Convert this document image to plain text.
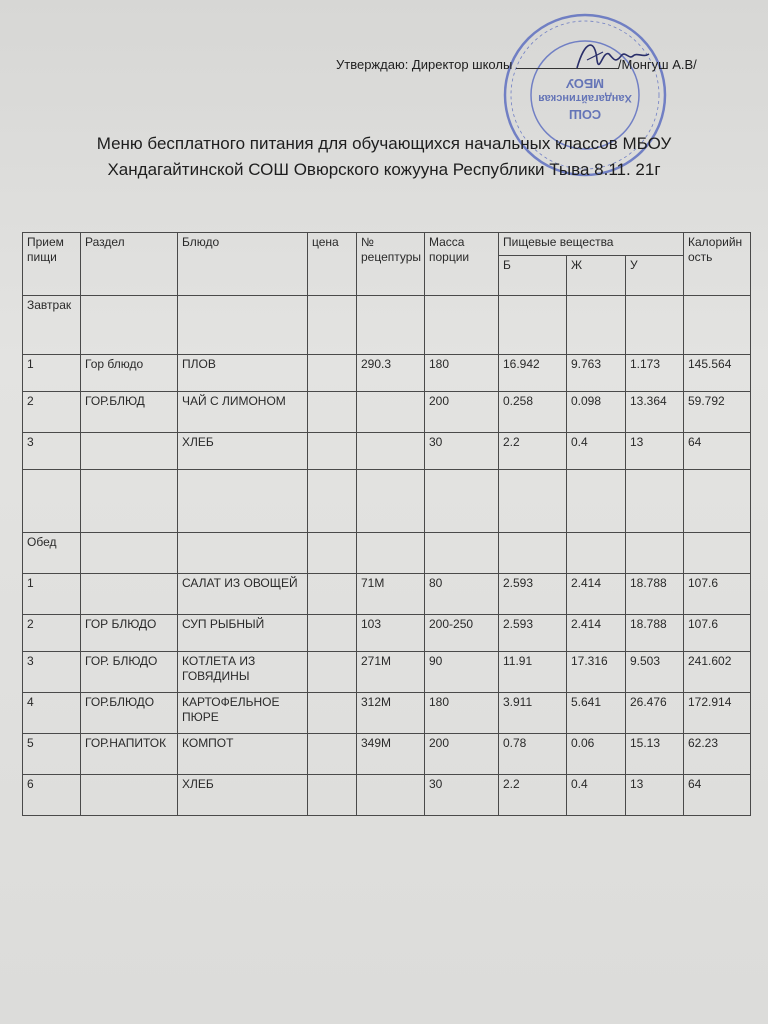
МБОУ
Хандагайтинская
СОШ
Утверждаю: Директор школы	/Монгуш А.В/
Меню бесплатного питания для обучающихся начальных классов МБОУ
Хандагайтинской СОШ Овюрского кожууна Республики Тыва 8.11. 21г
Прием пищи	Раздел	Блюдо	цена	№ рецептуры	Масса порции	Пищевые вещества			Калорийность
						Б	Ж	У	
Завтрак									
1	Гор блюдо	ПЛОВ		290.3	180	16.942	9.763	1.173	145.564
2	ГОР.БЛЮД	ЧАЙ С ЛИМОНОМ			200	0.258	0.098	13.364	59.792
3		ХЛЕБ			30	2.2	0.4	13	64

Обед									
1		САЛАТ ИЗ ОВОЩЕЙ		71М	80	2.593	2.414	18.788	107.6
2	ГОР БЛЮДО	СУП РЫБНЫЙ		103	200-250	2.593	2.414	18.788	107.6
3	ГОР. БЛЮДО	КОТЛЕТА ИЗ ГОВЯДИНЫ		271М	90	11.91	17.316	9.503	241.602
4	ГОР.БЛЮДО	КАРТОФЕЛЬНОЕ ПЮРЕ		312М	180	3.911	5.641	26.476	172.914
5	ГОР.НАПИТОК	КОМПОТ		349М	200	0.78	0.06	15.13	62.23
6		ХЛЕБ			30	2.2	0.4	13	64
